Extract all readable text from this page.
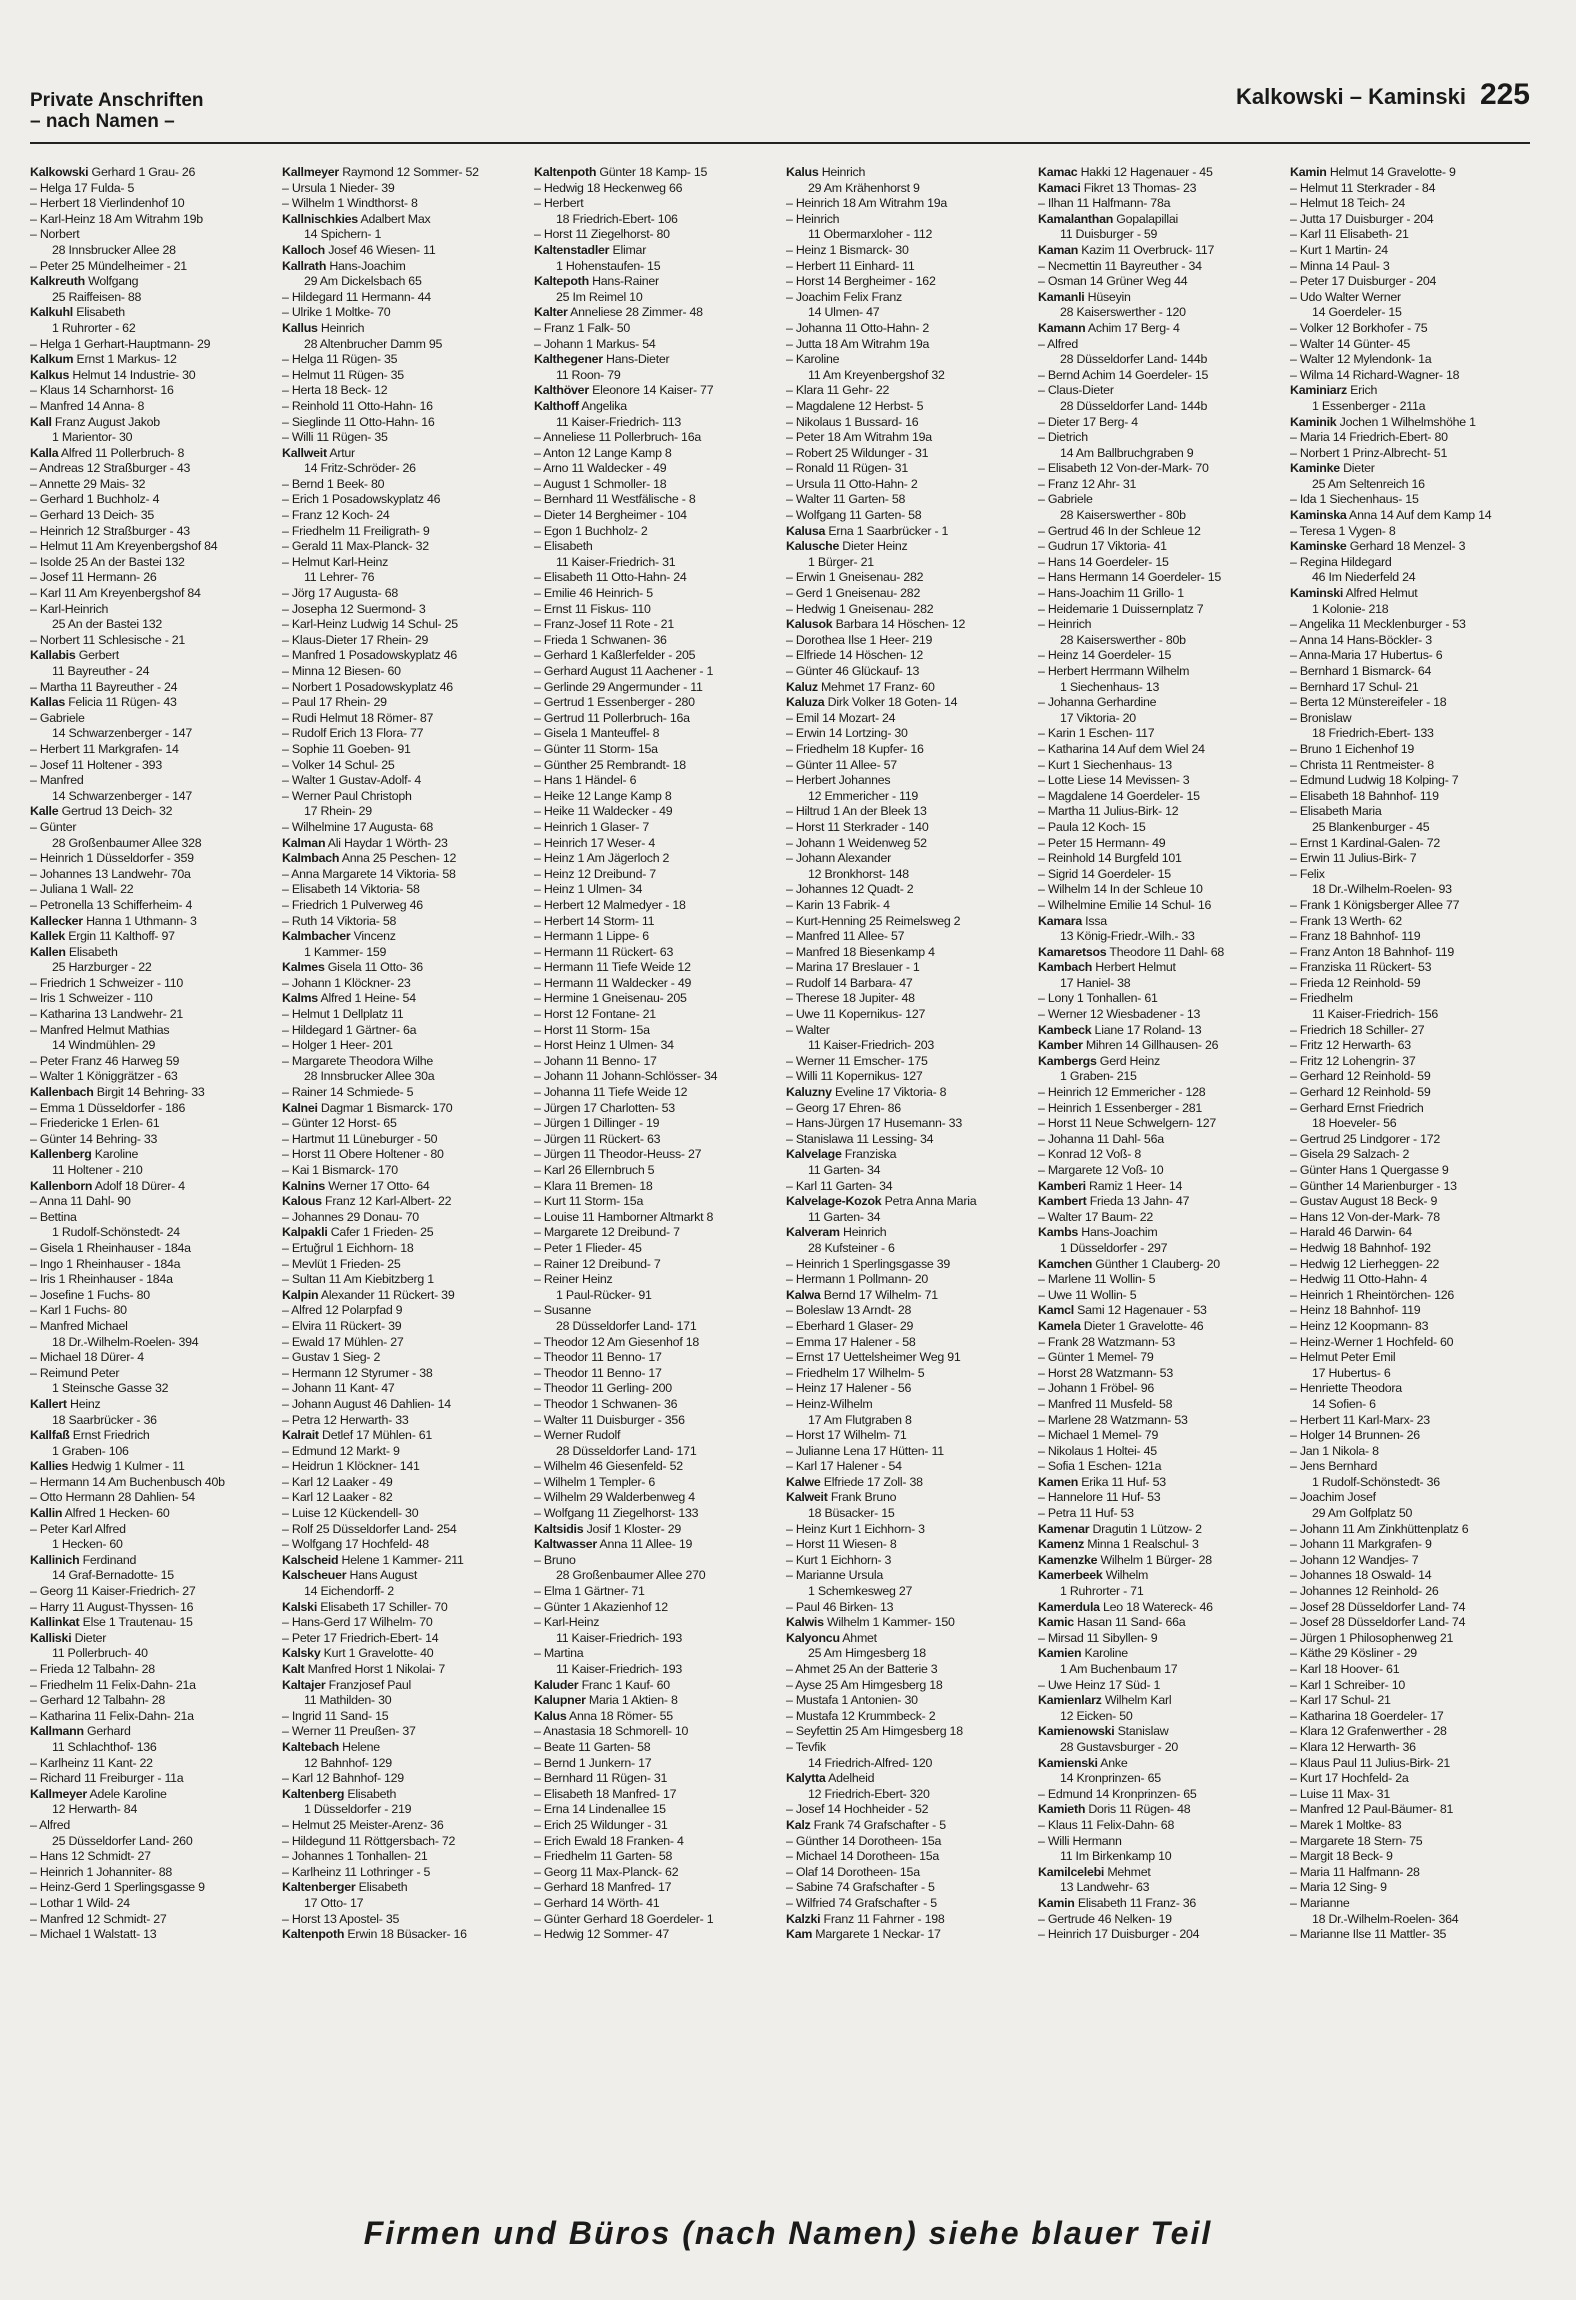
Private Anschriften
– nach Namen –
Kalkowski – Kaminski 225
Kalkowski Gerhard 1 Grau- 26
– Helga 17 Fulda- 5
– Herbert 18 Vierlindenhof 10
– Karl-Heinz 18 Am Witrahm 19b
– Norbert
28 Innsbrucker Allee 28
– Peter 25 Mündelheimer - 21
Kalkreuth Wolfgang
25 Raiffeisen- 88
Kalkuhl Elisabeth
1 Ruhrorter - 62
– Helga 1 Gerhart-Hauptmann- 29
Kalkum Ernst 1 Markus- 12
Kalkus Helmut 14 Industrie- 30
– Klaus 14 Scharnhorst- 16
– Manfred 14 Anna- 8
Kall Franz August Jakob
1 Marientor- 30
Kalla Alfred 11 Pollerbruch- 8
– Andreas 12 Straßburger - 43
– Annette 29 Mais- 32
– Gerhard 1 Buchholz- 4
– Gerhard 13 Deich- 35
– Heinrich 12 Straßburger - 43
– Helmut 11 Am Kreyenbergshof 84
– Isolde 25 An der Bastei 132
– Josef 11 Hermann- 26
– Karl 11 Am Kreyenbergshof 84
– Karl-Heinrich
25 An der Bastei 132
– Norbert 11 Schlesische - 21
Kallabis Gerbert
11 Bayreuther - 24
– Martha 11 Bayreuther - 24
Kallas Felicia 11 Rügen- 43
– Gabriele
14 Schwarzenberger - 147
– Herbert 11 Markgrafen- 14
– Josef 11 Holtener - 393
– Manfred
14 Schwarzenberger - 147
Kalle Gertrud 13 Deich- 32
– Günter
28 Großenbaumer Allee 328
– Heinrich 1 Düsseldorfer - 359
– Johannes 13 Landwehr- 70a
– Juliana 1 Wall- 22
– Petronella 13 Schifferheim- 4
Kallecker Hanna 1 Uthmann- 3
Kallek Ergin 11 Kalthoff- 97
Kallen Elisabeth
25 Harzburger - 22
– Friedrich 1 Schweizer - 110
– Iris 1 Schweizer - 110
– Katharina 13 Landwehr- 21
– Manfred Helmut Mathias
14 Windmühlen- 29
– Peter Franz 46 Harweg 59
– Walter 1 Königgrätzer - 63
Kallenbach Birgit 14 Behring- 33
– Emma 1 Düsseldorfer - 186
– Friedericke 1 Erlen- 61
– Günter 14 Behring- 33
Kallenberg Karoline
11 Holtener - 210
Kallenborn Adolf 18 Dürer- 4
– Anna 11 Dahl- 90
– Bettina
1 Rudolf-Schönstedt- 24
– Gisela 1 Rheinhauser - 184a
– Ingo 1 Rheinhauser - 184a
– Iris 1 Rheinhauser - 184a
– Josefine 1 Fuchs- 80
– Karl 1 Fuchs- 80
– Manfred Michael
18 Dr.-Wilhelm-Roelen- 394
– Michael 18 Dürer- 4
– Reimund Peter
1 Steinsche Gasse 32
Kallert Heinz
18 Saarbrücker - 36
Kallfaß Ernst Friedrich
1 Graben- 106
Kallies Hedwig 1 Kulmer - 11
– Hermann 14 Am Buchenbusch 40b
– Otto Hermann 28 Dahlien- 54
Kallin Alfred 1 Hecken- 60
– Peter Karl Alfred
1 Hecken- 60
Kallinich Ferdinand
14 Graf-Bernadotte- 15
– Georg 11 Kaiser-Friedrich- 27
– Harry 11 August-Thyssen- 16
Kallinkat Else 1 Trautenau- 15
Kalliski Dieter
11 Pollerbruch- 40
– Frieda 12 Talbahn- 28
– Friedhelm 11 Felix-Dahn- 21a
– Gerhard 12 Talbahn- 28
– Katharina 11 Felix-Dahn- 21a
Kallmann Gerhard
11 Schlachthof- 136
– Karlheinz 11 Kant- 22
– Richard 11 Freiburger - 11a
Kallmeyer Adele Karoline
12 Herwarth- 84
– Alfred
25 Düsseldorfer Land- 260
– Hans 12 Schmidt- 27
– Heinrich 1 Johanniter- 88
– Heinz-Gerd 1 Sperlingsgasse 9
– Lothar 1 Wild- 24
– Manfred 12 Schmidt- 27
– Michael 1 Walstatt- 13
Kallmeyer Raymond 12 Sommer- 52
– Ursula 1 Nieder- 39
– Wilhelm 1 Windthorst- 8
Kallnischkies Adalbert Max
14 Spichern- 1
Kalloch Josef 46 Wiesen- 11
Kallrath Hans-Joachim
29 Am Dickelsbach 65
– Hildegard 11 Hermann- 44
– Ulrike 1 Moltke- 70
Kallus Heinrich
28 Altenbrucher Damm 95
– Helga 11 Rügen- 35
– Helmut 11 Rügen- 35
– Herta 18 Beck- 12
– Reinhold 11 Otto-Hahn- 16
– Sieglinde 11 Otto-Hahn- 16
– Willi 11 Rügen- 35
Kallweit Artur
14 Fritz-Schröder- 26
– Bernd 1 Beek- 80
– Erich 1 Posadowskyplatz 46
– Franz 12 Koch- 24
– Friedhelm 11 Freiligrath- 9
– Gerald 11 Max-Planck- 32
– Helmut Karl-Heinz
11 Lehrer- 76
– Jörg 17 Augusta- 68
– Josepha 12 Suermond- 3
– Karl-Heinz Ludwig 14 Schul- 25
– Klaus-Dieter 17 Rhein- 29
– Manfred 1 Posadowskyplatz 46
– Minna 12 Biesen- 60
– Norbert 1 Posadowskyplatz 46
– Paul 17 Rhein- 29
– Rudi Helmut 18 Römer- 87
– Rudolf Erich 13 Flora- 77
– Sophie 11 Goeben- 91
– Volker 14 Schul- 25
– Walter 1 Gustav-Adolf- 4
– Werner Paul Christoph
17 Rhein- 29
– Wilhelmine 17 Augusta- 68
Kalman Ali Haydar 1 Wörth- 23
Kalmbach Anna 25 Peschen- 12
– Anna Margarete 14 Viktoria- 58
– Elisabeth 14 Viktoria- 58
– Friedrich 1 Pulverweg 46
– Ruth 14 Viktoria- 58
Kalmbacher Vincenz
1 Kammer- 159
Kalmes Gisela 11 Otto- 36
– Johann 1 Klöckner- 23
Kalms Alfred 1 Heine- 54
– Helmut 1 Dellplatz 11
– Hildegard 1 Gärtner- 6a
– Holger 1 Heer- 201
– Margarete Theodora Wilhe
28 Innsbrucker Allee 30a
– Rainer 14 Schmiede- 5
Kalnei Dagmar 1 Bismarck- 170
– Günter 12 Horst- 65
– Hartmut 11 Lüneburger - 50
– Horst 11 Obere Holtener - 80
– Kai 1 Bismarck- 170
Kalnins Werner 17 Otto- 64
Kalous Franz 12 Karl-Albert- 22
– Johannes 29 Donau- 70
Kalpakli Cafer 1 Frieden- 25
– Ertuğrul 1 Eichhorn- 18
– Mevlüt 1 Frieden- 25
– Sultan 11 Am Kiebitzberg 1
Kalpin Alexander 11 Rückert- 39
– Alfred 12 Polarpfad 9
– Elvira 11 Rückert- 39
– Ewald 17 Mühlen- 27
– Gustav 1 Sieg- 2
– Hermann 12 Styrumer - 38
– Johann 11 Kant- 47
– Johann August 46 Dahlien- 14
– Petra 12 Herwarth- 33
Kalrait Detlef 17 Mühlen- 61
– Edmund 12 Markt- 9
– Heidrun 1 Klöckner- 141
– Karl 12 Laaker - 49
– Karl 12 Laaker - 82
– Luise 12 Kückendell- 30
– Rolf 25 Düsseldorfer Land- 254
– Wolfgang 17 Hochfeld- 48
Kalscheid Helene 1 Kammer- 211
Kalscheuer Hans August
14 Eichendorff- 2
Kalski Elisabeth 17 Schiller- 70
– Hans-Gerd 17 Wilhelm- 70
– Peter 17 Friedrich-Ebert- 14
Kalsky Kurt 1 Gravelotte- 40
Kalt Manfred Horst 1 Nikolai- 7
Kaltajer Franzjosef Paul
11 Mathilden- 30
– Ingrid 11 Sand- 15
– Werner 11 Preußen- 37
Kaltebach Helene
12 Bahnhof- 129
– Karl 12 Bahnhof- 129
Kaltenberg Elisabeth
1 Düsseldorfer - 219
– Helmut 25 Meister-Arenz- 36
– Hildegund 11 Röttgersbach- 72
– Johannes 1 Tonhallen- 21
– Karlheinz 11 Lothringer - 5
Kaltenberger Elisabeth
17 Otto- 17
– Horst 13 Apostel- 35
Kaltenpoth Erwin 18 Büsacker- 16
Kaltenpoth Günter 18 Kamp- 15
– Hedwig 18 Heckenweg 66
– Herbert
18 Friedrich-Ebert- 106
– Horst 11 Ziegelhorst- 80
Kaltenstadler Elimar
1 Hohenstaufen- 15
Kaltepoth Hans-Rainer
25 Im Reimel 10
Kalter Anneliese 28 Zimmer- 48
– Franz 1 Falk- 50
– Johann 1 Markus- 54
Kalthegener Hans-Dieter
11 Roon- 79
Kalthöver Eleonore 14 Kaiser- 77
Kalthoff Angelika
11 Kaiser-Friedrich- 113
– Anneliese 11 Pollerbruch- 16a
– Anton 12 Lange Kamp 8
– Arno 11 Waldecker - 49
– August 1 Schmoller- 18
– Bernhard 11 Westfälische - 8
– Dieter 14 Bergheimer - 104
– Egon 1 Buchholz- 2
– Elisabeth
11 Kaiser-Friedrich- 31
– Elisabeth 11 Otto-Hahn- 24
– Emilie 46 Heinrich- 5
– Ernst 11 Fiskus- 110
– Franz-Josef 11 Rote - 21
– Frieda 1 Schwanen- 36
– Gerhard 1 Kaßlerfelder - 205
– Gerhard August 11 Aachener - 1
– Gerlinde 29 Angermunder - 11
– Gertrud 1 Essenberger - 280
– Gertrud 11 Pollerbruch- 16a
– Gisela 1 Manteuffel- 8
– Günter 11 Storm- 15a
– Günther 25 Rembrandt- 18
– Hans 1 Händel- 6
– Heike 12 Lange Kamp 8
– Heike 11 Waldecker - 49
– Heinrich 1 Glaser- 7
– Heinrich 17 Weser- 4
– Heinz 1 Am Jägerloch 2
– Heinz 12 Dreibund- 7
– Heinz 1 Ulmen- 34
– Herbert 12 Malmedyer - 18
– Herbert 14 Storm- 11
– Hermann 1 Lippe- 6
– Hermann 11 Rückert- 63
– Hermann 11 Tiefe Weide 12
– Hermann 11 Waldecker - 49
– Hermine 1 Gneisenau- 205
– Horst 12 Fontane- 21
– Horst 11 Storm- 15a
– Horst Heinz 1 Ulmen- 34
– Johann 11 Benno- 17
– Johann 11 Johann-Schlösser- 34
– Johanna 11 Tiefe Weide 12
– Jürgen 17 Charlotten- 53
– Jürgen 1 Dillinger - 19
– Jürgen 11 Rückert- 63
– Jürgen 11 Theodor-Heuss- 27
– Karl 26 Ellernbruch 5
– Klara 11 Bremen- 18
– Kurt 11 Storm- 15a
– Louise 11 Hamborner Altmarkt 8
– Margarete 12 Dreibund- 7
– Peter 1 Flieder- 45
– Rainer 12 Dreibund- 7
– Reiner Heinz
1 Paul-Rücker- 91
– Susanne
28 Düsseldorfer Land- 171
– Theodor 12 Am Giesenhof 18
– Theodor 11 Benno- 17
– Theodor 11 Benno- 17
– Theodor 11 Gerling- 200
– Theodor 1 Schwanen- 36
– Walter 11 Duisburger - 356
– Werner Rudolf
28 Düsseldorfer Land- 171
– Wilhelm 46 Giesenfeld- 52
– Wilhelm 1 Templer- 6
– Wilhelm 29 Walderbenweg 4
– Wolfgang 11 Ziegelhorst- 133
Kaltsidis Josif 1 Kloster- 29
Kaltwasser Anna 11 Allee- 19
– Bruno
28 Großenbaumer Allee 270
– Elma 1 Gärtner- 71
– Günter 1 Akazienhof 12
– Karl-Heinz
11 Kaiser-Friedrich- 193
– Martina
11 Kaiser-Friedrich- 193
Kaluder Franc 1 Kauf- 60
Kalupner Maria 1 Aktien- 8
Kalus Anna 18 Römer- 55
– Anastasia 18 Schmorell- 10
– Beate 11 Garten- 58
– Bernd 1 Junkern- 17
– Bernhard 11 Rügen- 31
– Elisabeth 18 Manfred- 17
– Erna 14 Lindenallee 15
– Erich 25 Wildunger - 31
– Erich Ewald 18 Franken- 4
– Friedhelm 11 Garten- 58
– Georg 11 Max-Planck- 62
– Gerhard 18 Manfred- 17
– Gerhard 14 Wörth- 41
– Günter Gerhard 18 Goerdeler- 1
– Hedwig 12 Sommer- 47
Kalus Heinrich
29 Am Krähenhorst 9
– Heinrich 18 Am Witrahm 19a
– Heinrich
11 Obermarxloher - 112
– Heinz 1 Bismarck- 30
– Herbert 11 Einhard- 11
– Horst 14 Bergheimer - 162
– Joachim Felix Franz
14 Ulmen- 47
– Johanna 11 Otto-Hahn- 2
– Jutta 18 Am Witrahm 19a
– Karoline
11 Am Kreyenbergshof 32
– Klara 11 Gehr- 22
– Magdalene 12 Herbst- 5
– Nikolaus 1 Bussard- 16
– Peter 18 Am Witrahm 19a
– Robert 25 Wildunger - 31
– Ronald 11 Rügen- 31
– Ursula 11 Otto-Hahn- 2
– Walter 11 Garten- 58
– Wolfgang 11 Garten- 58
Kalusa Erna 1 Saarbrücker - 1
Kalusche Dieter Heinz
1 Bürger- 21
– Erwin 1 Gneisenau- 282
– Gerd 1 Gneisenau- 282
– Hedwig 1 Gneisenau- 282
Kalusok Barbara 14 Höschen- 12
– Dorothea Ilse 1 Heer- 219
– Elfriede 14 Höschen- 12
– Günter 46 Glückauf- 13
Kaluz Mehmet 17 Franz- 60
Kaluza Dirk Volker 18 Goten- 14
– Emil 14 Mozart- 24
– Erwin 14 Lortzing- 30
– Friedhelm 18 Kupfer- 16
– Günter 11 Allee- 57
– Herbert Johannes
12 Emmericher - 119
– Hiltrud 1 An der Bleek 13
– Horst 11 Sterkrader - 140
– Johann 1 Weidenweg 52
– Johann Alexander
12 Bronkhorst- 148
– Johannes 12 Quadt- 2
– Karin 13 Fabrik- 4
– Kurt-Henning 25 Reimelsweg 2
– Manfred 11 Allee- 57
– Manfred 18 Biesenkamp 4
– Marina 17 Breslauer - 1
– Rudolf 14 Barbara- 47
– Therese 18 Jupiter- 48
– Uwe 11 Kopernikus- 127
– Walter
11 Kaiser-Friedrich- 203
– Werner 11 Emscher- 175
– Willi 11 Kopernikus- 127
Kaluzny Eveline 17 Viktoria- 8
– Georg 17 Ehren- 86
– Hans-Jürgen 17 Husemann- 33
– Stanislawa 11 Lessing- 34
Kalvelage Franziska
11 Garten- 34
– Karl 11 Garten- 34
Kalvelage-Kozok Petra Anna Maria
11 Garten- 34
Kalveram Heinrich
28 Kufsteiner - 6
– Heinrich 1 Sperlingsgasse 39
– Hermann 1 Pollmann- 20
Kalwa Bernd 17 Wilhelm- 71
– Boleslaw 13 Arndt- 28
– Eberhard 1 Glaser- 29
– Emma 17 Halener - 58
– Ernst 17 Uettelsheimer Weg 91
– Friedhelm 17 Wilhelm- 5
– Heinz 17 Halener - 56
– Heinz-Wilhelm
17 Am Flutgraben 8
– Horst 17 Wilhelm- 71
– Julianne Lena 17 Hütten- 11
– Karl 17 Halener - 54
Kalwe Elfriede 17 Zoll- 38
Kalweit Frank Bruno
18 Büsacker- 15
– Heinz Kurt 1 Eichhorn- 3
– Horst 11 Wiesen- 8
– Kurt 1 Eichhorn- 3
– Marianne Ursula
1 Schemkesweg 27
– Paul 46 Birken- 13
Kalwis Wilhelm 1 Kammer- 150
Kalyoncu Ahmet
25 Am Himgesberg 18
– Ahmet 25 An der Batterie 3
– Ayse 25 Am Himgesberg 18
– Mustafa 1 Antonien- 30
– Mustafa 12 Krummbeck- 2
– Seyfettin 25 Am Himgesberg 18
– Tevfik
14 Friedrich-Alfred- 120
Kalytta Adelheid
12 Friedrich-Ebert- 320
– Josef 14 Hochheider - 52
Kalz Frank 74 Grafschafter - 5
– Günther 14 Dorotheen- 15a
– Michael 14 Dorotheen- 15a
– Olaf 14 Dorotheen- 15a
– Sabine 74 Grafschafter - 5
– Wilfried 74 Grafschafter - 5
Kalzki Franz 11 Fahrner - 198
Kam Margarete 1 Neckar- 17
Kamac Hakki 12 Hagenauer - 45
Kamaci Fikret 13 Thomas- 23
– Ilhan 11 Halfmann- 78a
Kamalanthan Gopalapillai
11 Duisburger - 59
Kaman Kazim 11 Overbruck- 117
– Necmettin 11 Bayreuther - 34
– Osman 14 Grüner Weg 44
Kamanli Hüseyin
28 Kaiserswerther - 120
Kamann Achim 17 Berg- 4
– Alfred
28 Düsseldorfer Land- 144b
– Bernd Achim 14 Goerdeler- 15
– Claus-Dieter
28 Düsseldorfer Land- 144b
– Dieter 17 Berg- 4
– Dietrich
14 Am Ballbruchgraben 9
– Elisabeth 12 Von-der-Mark- 70
– Franz 12 Ahr- 31
– Gabriele
28 Kaiserswerther - 80b
– Gertrud 46 In der Schleue 12
– Gudrun 17 Viktoria- 41
– Hans 14 Goerdeler- 15
– Hans Hermann 14 Goerdeler- 15
– Hans-Joachim 11 Grillo- 1
– Heidemarie 1 Duissernplatz 7
– Heinrich
28 Kaiserswerther - 80b
– Heinz 14 Goerdeler- 15
– Herbert Herrmann Wilhelm
1 Siechenhaus- 13
– Johanna Gerhardine
17 Viktoria- 20
– Karin 1 Eschen- 117
– Katharina 14 Auf dem Wiel 24
– Kurt 1 Siechenhaus- 13
– Lotte Liese 14 Mevissen- 3
– Magdalene 14 Goerdeler- 15
– Martha 11 Julius-Birk- 12
– Paula 12 Koch- 15
– Peter 15 Hermann- 49
– Reinhold 14 Burgfeld 101
– Sigrid 14 Goerdeler- 15
– Wilhelm 14 In der Schleue 10
– Wilhelmine Emilie 14 Schul- 16
Kamara Issa
13 König-Friedr.-Wilh.- 33
Kamaretsos Theodore 11 Dahl- 68
Kambach Herbert Helmut
17 Haniel- 38
– Lony 1 Tonhallen- 61
– Werner 12 Wiesbadener - 13
Kambeck Liane 17 Roland- 13
Kamber Mihren 14 Gillhausen- 26
Kambergs Gerd Heinz
1 Graben- 215
– Heinrich 12 Emmericher - 128
– Heinrich 1 Essenberger - 281
– Horst 11 Neue Schwelgern- 127
– Johanna 11 Dahl- 56a
– Konrad 12 Voß- 8
– Margarete 12 Voß- 10
Kamberi Ramiz 1 Heer- 14
Kambert Frieda 13 Jahn- 47
– Walter 17 Baum- 22
Kambs Hans-Joachim
1 Düsseldorfer - 297
Kamchen Günther 1 Clauberg- 20
– Marlene 11 Wollin- 5
– Uwe 11 Wollin- 5
Kamcl Sami 12 Hagenauer - 53
Kamela Dieter 1 Gravelotte- 46
– Frank 28 Watzmann- 53
– Günter 1 Memel- 79
– Horst 28 Watzmann- 53
– Johann 1 Fröbel- 96
– Manfred 11 Musfeld- 58
– Marlene 28 Watzmann- 53
– Michael 1 Memel- 79
– Nikolaus 1 Holtei- 45
– Sofia 1 Eschen- 121a
Kamen Erika 11 Huf- 53
– Hannelore 11 Huf- 53
– Petra 11 Huf- 53
Kamenar Dragutin 1 Lützow- 2
Kamenz Minna 1 Realschul- 3
Kamenzke Wilhelm 1 Bürger- 28
Kamerbeek Wilhelm
1 Ruhrorter - 71
Kamerdula Leo 18 Watereck- 46
Kamic Hasan 11 Sand- 66a
– Mirsad 11 Sibyllen- 9
Kamien Karoline
1 Am Buchenbaum 17
– Uwe Heinz 17 Süd- 1
Kamienlarz Wilhelm Karl
12 Eicken- 50
Kamienowski Stanislaw
28 Gustavsburger - 20
Kamienski Anke
14 Kronprinzen- 65
– Edmund 14 Kronprinzen- 65
Kamieth Doris 11 Rügen- 48
– Klaus 11 Felix-Dahn- 68
– Willi Hermann
11 Im Birkenkamp 10
Kamilcelebi Mehmet
13 Landwehr- 63
Kamin Elisabeth 11 Franz- 36
– Gertrude 46 Nelken- 19
– Heinrich 17 Duisburger - 204
Kamin Helmut 14 Gravelotte- 9
– Helmut 11 Sterkrader - 84
– Helmut 18 Teich- 24
– Jutta 17 Duisburger - 204
– Karl 11 Elisabeth- 21
– Kurt 1 Martin- 24
– Minna 14 Paul- 3
– Peter 17 Duisburger - 204
– Udo Walter Werner
14 Goerdeler- 15
– Volker 12 Borkhofer - 75
– Walter 14 Günter- 45
– Walter 12 Mylendonk- 1a
– Wilma 14 Richard-Wagner- 18
Kaminiarz Erich
1 Essenberger - 211a
Kaminik Jochen 1 Wilhelmshöhe 1
– Maria 14 Friedrich-Ebert- 80
– Norbert 1 Prinz-Albrecht- 51
Kaminke Dieter
25 Am Seltenreich 16
– Ida 1 Siechenhaus- 15
Kaminska Anna 14 Auf dem Kamp 14
– Teresa 1 Vygen- 8
Kaminske Gerhard 18 Menzel- 3
– Regina Hildegard
46 Im Niederfeld 24
Kaminski Alfred Helmut
1 Kolonie- 218
– Angelika 11 Mecklenburger - 53
– Anna 14 Hans-Böckler- 3
– Anna-Maria 17 Hubertus- 6
– Bernhard 1 Bismarck- 64
– Bernhard 17 Schul- 21
– Berta 12 Münstereifeler - 18
– Bronislaw
18 Friedrich-Ebert- 133
– Bruno 1 Eichenhof 19
– Christa 11 Rentmeister- 8
– Edmund Ludwig 18 Kolping- 7
– Elisabeth 18 Bahnhof- 119
– Elisabeth Maria
25 Blankenburger - 45
– Ernst 1 Kardinal-Galen- 72
– Erwin 11 Julius-Birk- 7
– Felix
18 Dr.-Wilhelm-Roelen- 93
– Frank 1 Königsberger Allee 77
– Frank 13 Werth- 62
– Franz 18 Bahnhof- 119
– Franz Anton 18 Bahnhof- 119
– Franziska 11 Rückert- 53
– Frieda 12 Reinhold- 59
– Friedhelm
11 Kaiser-Friedrich- 156
– Friedrich 18 Schiller- 27
– Fritz 12 Herwarth- 63
– Fritz 12 Lohengrin- 37
– Gerhard 12 Reinhold- 59
– Gerhard 12 Reinhold- 59
– Gerhard Ernst Friedrich
18 Hoeveler- 56
– Gertrud 25 Lindgorer - 172
– Gisela 29 Salzach- 2
– Günter Hans 1 Quergasse 9
– Günther 14 Marienburger - 13
– Gustav August 18 Beck- 9
– Hans 12 Von-der-Mark- 78
– Harald 46 Darwin- 64
– Hedwig 18 Bahnhof- 192
– Hedwig 12 Lierheggen- 22
– Hedwig 11 Otto-Hahn- 4
– Heinrich 1 Rheintörchen- 126
– Heinz 18 Bahnhof- 119
– Heinz 12 Koopmann- 83
– Heinz-Werner 1 Hochfeld- 60
– Helmut Peter Emil
17 Hubertus- 6
– Henriette Theodora
14 Sofien- 6
– Herbert 11 Karl-Marx- 23
– Holger 14 Brunnen- 26
– Jan 1 Nikola- 8
– Jens Bernhard
1 Rudolf-Schönstedt- 36
– Joachim Josef
29 Am Golfplatz 50
– Johann 11 Am Zinkhüttenplatz 6
– Johann 11 Markgrafen- 9
– Johann 12 Wandjes- 7
– Johannes 18 Oswald- 14
– Johannes 12 Reinhold- 26
– Josef 28 Düsseldorfer Land- 74
– Josef 28 Düsseldorfer Land- 74
– Jürgen 1 Philosophenweg 21
– Käthe 29 Kösliner - 29
– Karl 18 Hoover- 61
– Karl 1 Schreiber- 10
– Karl 17 Schul- 21
– Katharina 18 Goerdeler- 17
– Klara 12 Grafenwerther - 28
– Klara 12 Herwarth- 36
– Klaus Paul 11 Julius-Birk- 21
– Kurt 17 Hochfeld- 2a
– Luise 11 Max- 31
– Manfred 12 Paul-Bäumer- 81
– Marek 1 Moltke- 83
– Margarete 18 Stern- 75
– Margit 18 Beck- 9
– Maria 11 Halfmann- 28
– Maria 12 Sing- 9
– Marianne
18 Dr.-Wilhelm-Roelen- 364
– Marianne Ilse 11 Mattler- 35
Firmen und Büros (nach Namen) siehe blauer Teil
